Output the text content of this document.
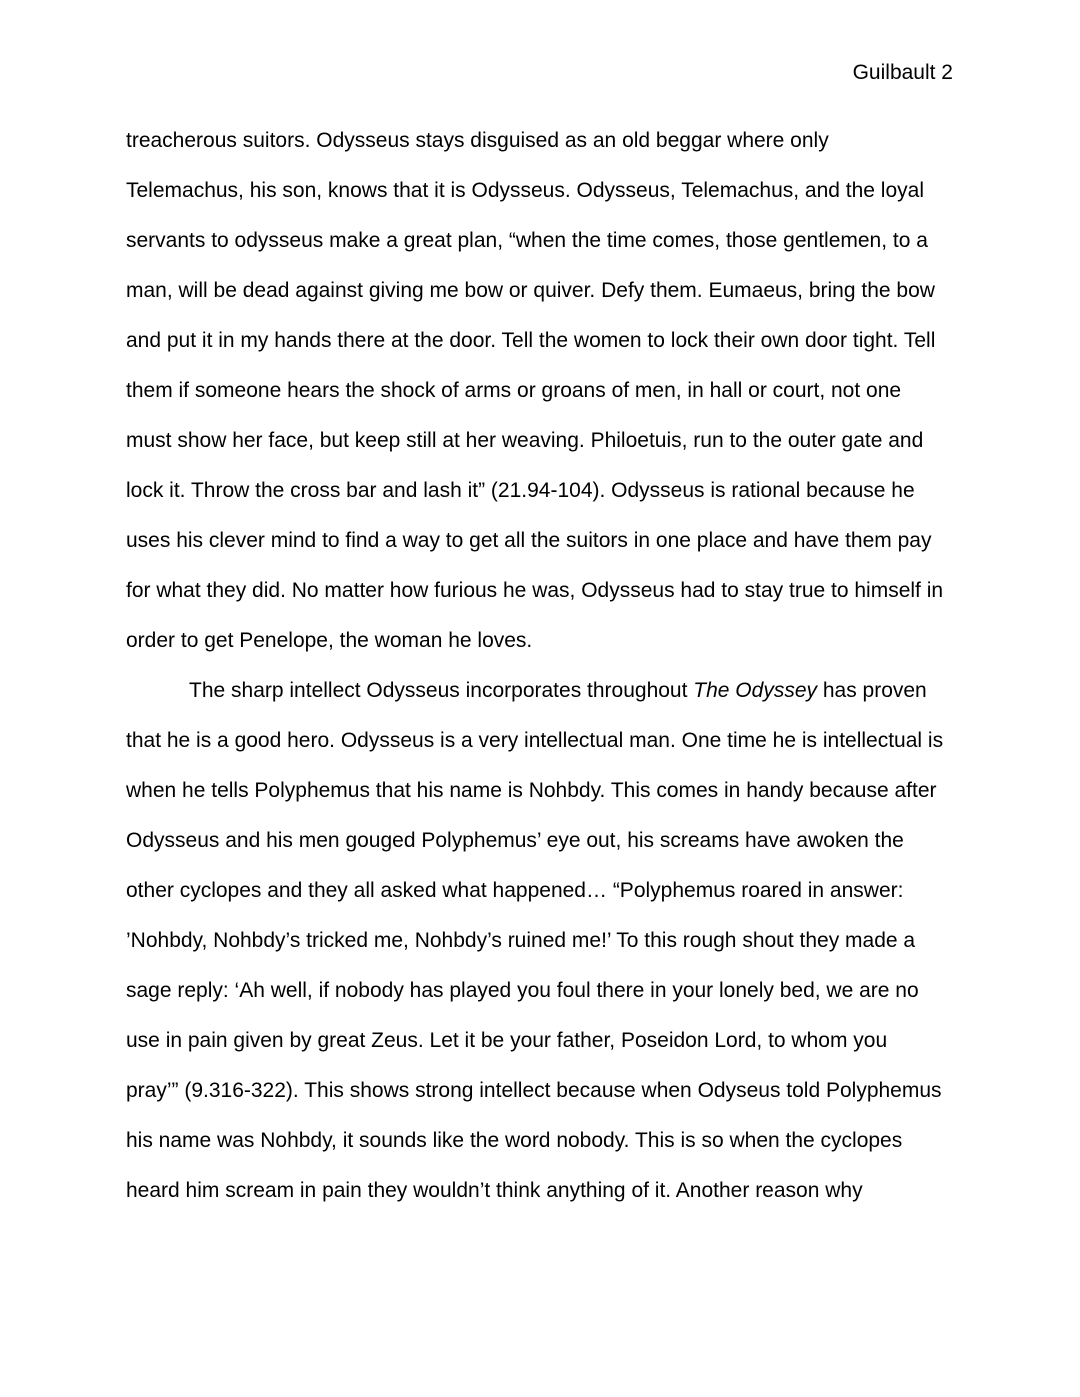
Guilbault 2
treacherous suitors. Odysseus stays disguised as an old beggar where only
Telemachus, his son, knows that it is Odysseus. Odysseus, Telemachus, and the loyal
servants to odysseus make a great plan, “when the time comes, those gentlemen, to a
man, will be dead against giving me bow or quiver. Defy them. Eumaeus, bring the bow
and put it in my hands there at the door. Tell the women to lock their own door tight. Tell
them if someone hears the shock of arms or groans of men, in hall or court, not one
must show her face, but keep still at her weaving. Philoetuis, run to the outer gate and
lock it. Throw the cross bar and lash it” (21.94-104). Odysseus is rational because he
uses his clever mind to find a way to get all the suitors in one place and have them pay
for what they did. No matter how furious he was, Odysseus had to stay true to himself in
order to get Penelope, the woman he loves.
The sharp intellect Odysseus incorporates throughout The Odyssey has proven
that he is a good hero. Odysseus is a very intellectual man. One time he is intellectual is
when he tells Polyphemus that his name is Nohbdy. This comes in handy because after
Odysseus and his men gouged Polyphemus’ eye out, his screams have awoken the
other cyclopes and they all asked what happened… “Polyphemus roared in answer:
’Nohbdy, Nohbdy’s tricked me, Nohbdy’s ruined me!’ To this rough shout they made a
sage reply: ‘Ah well, if nobody has played you foul there in your lonely bed, we are no
use in pain given by great Zeus. Let it be your father, Poseidon Lord, to whom you
pray’” (9.316-322). This shows strong intellect because when Odyseus told Polyphemus
his name was Nohbdy, it sounds like the word nobody. This is so when the cyclopes
heard him scream in pain they wouldn’t think anything of it. Another reason why
